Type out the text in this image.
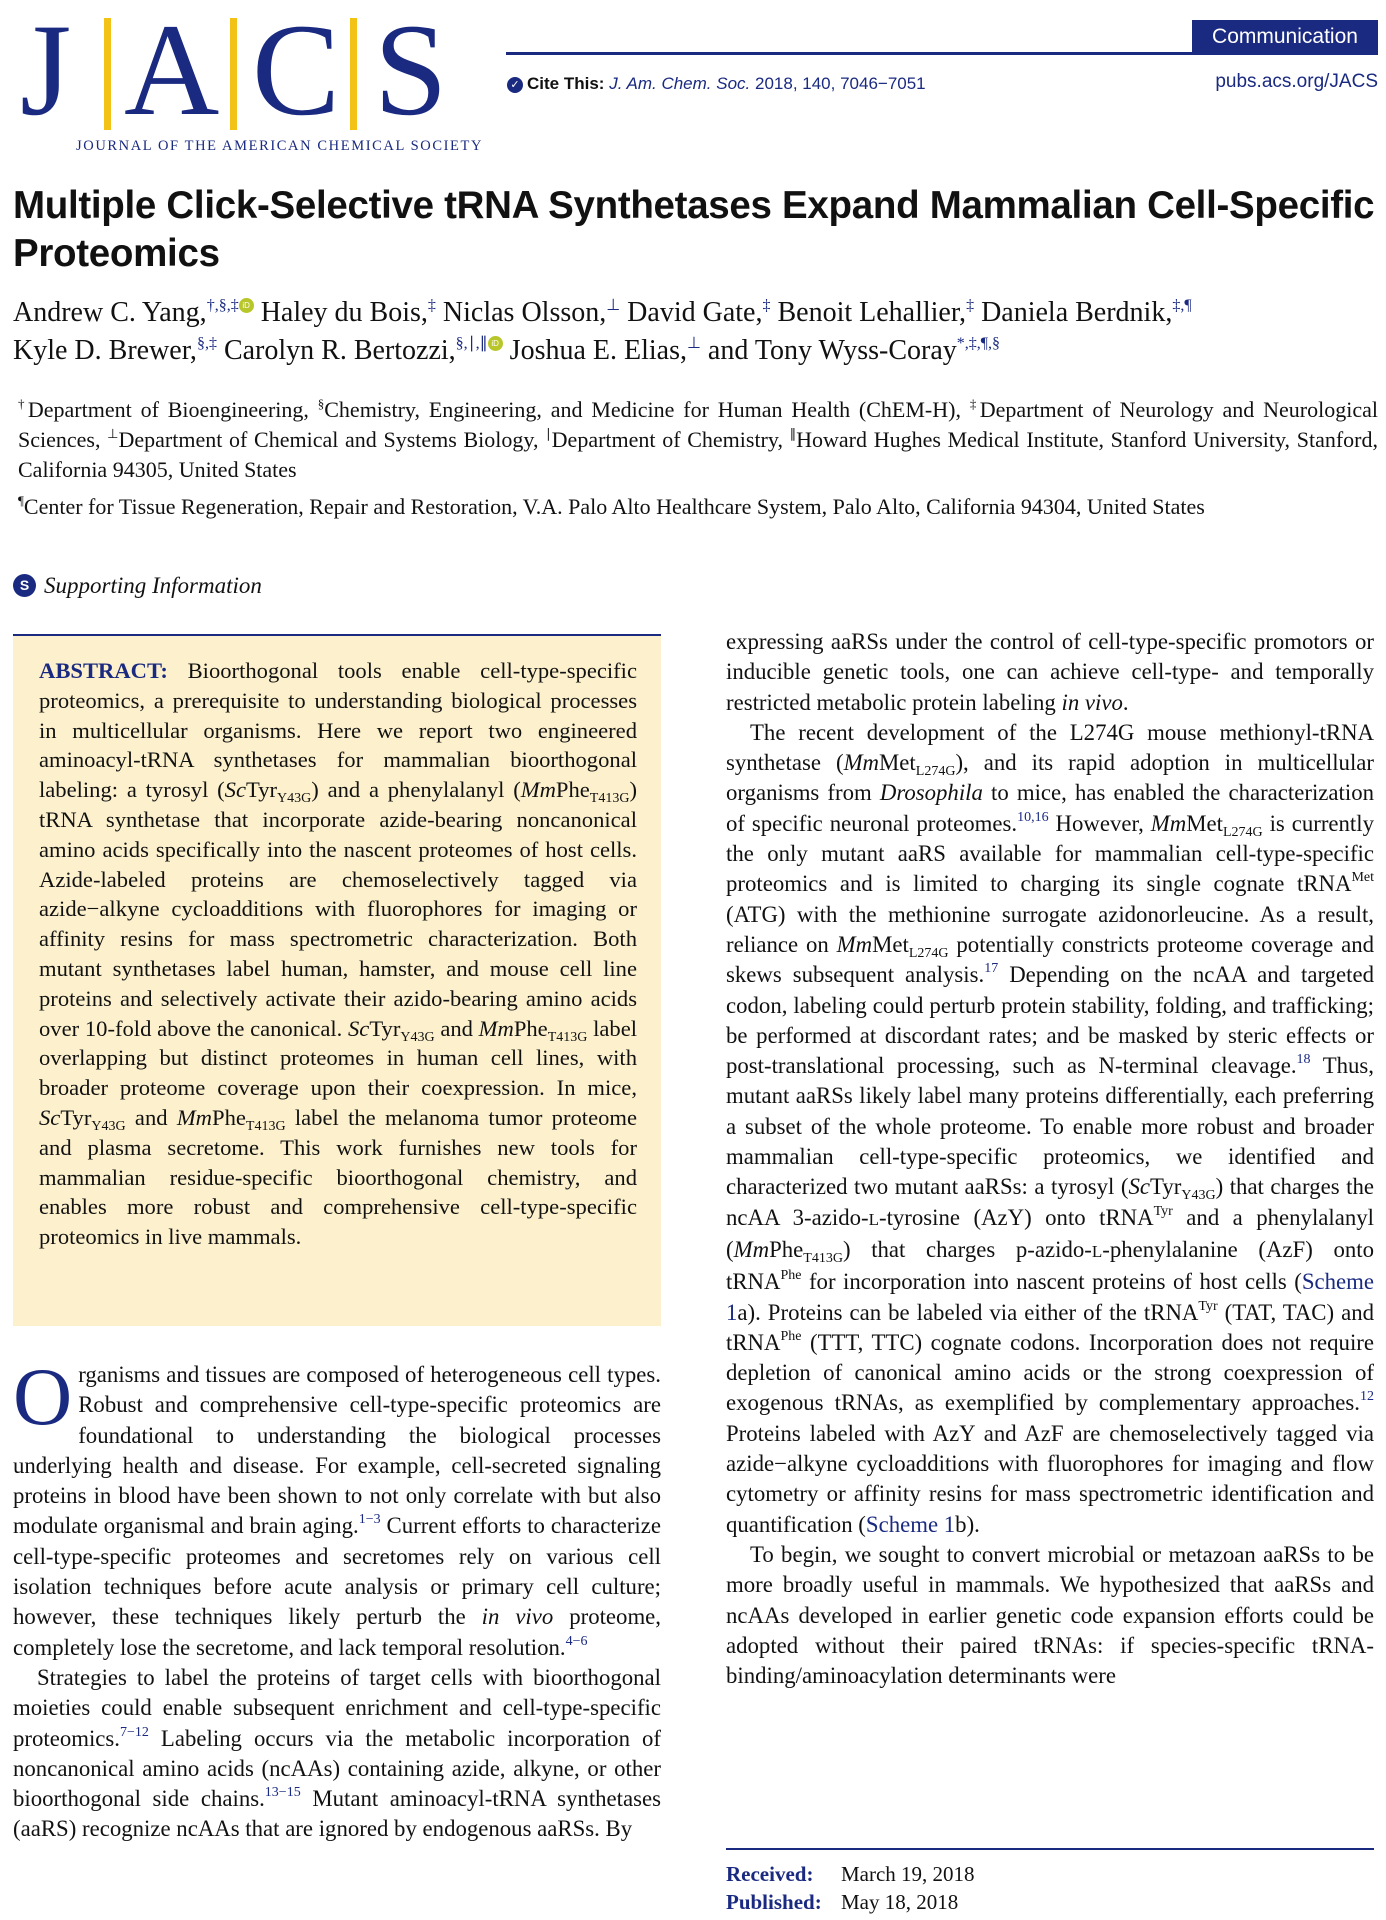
J A C S
JOURNAL OF THE AMERICAN CHEMICAL SOCIETY
Communication
✓ Cite This: J. Am. Chem. Soc. 2018, 140, 7046−7051	pubs.acs.org/JACS
Multiple Click-Selective tRNA Synthetases Expand Mammalian Cell-Specific Proteomics
Andrew C. Yang,†,§,‡ iD Haley du Bois,‡ Niclas Olsson,⊥ David Gate,‡ Benoit Lehallier,‡ Daniela Berdnik,‡,¶
Kyle D. Brewer,§,‡ Carolyn R. Bertozzi,§,∣,∥ iD Joshua E. Elias,⊥ and Tony Wyss-Coray*,‡,¶,§
†Department of Bioengineering, §Chemistry, Engineering, and Medicine for Human Health (ChEM-H), ‡Department of Neurology and Neurological Sciences, ⊥Department of Chemical and Systems Biology, ∣Department of Chemistry, ∥Howard Hughes Medical Institute, Stanford University, Stanford, California 94305, United States
¶Center for Tissue Regeneration, Repair and Restoration, V.A. Palo Alto Healthcare System, Palo Alto, California 94304, United States
S Supporting Information

ABSTRACT: Bioorthogonal tools enable cell-type-specific proteomics, a prerequisite to understanding biological processes in multicellular organisms. Here we report two engineered aminoacyl-tRNA synthetases for mammalian bioorthogonal labeling: a tyrosyl (ScTyr$_{Y43G}$) and a phenylalanyl (MmPhe$_{T413G}$) tRNA synthetase that incorporate azide-bearing noncanonical amino acids specifically into the nascent proteomes of host cells. Azide-labeled proteins are chemoselectively tagged via azide−alkyne cycloadditions with fluorophores for imaging or affinity resins for mass spectrometric characterization. Both mutant synthetases label human, hamster, and mouse cell line proteins and selectively activate their azido-bearing amino acids over 10-fold above the canonical. ScTyr$_{Y43G}$ and MmPhe$_{T413G}$ label overlapping but distinct proteomes in human cell lines, with broader proteome coverage upon their coexpression. In mice, ScTyr$_{Y43G}$ and MmPhe$_{T413G}$ label the melanoma tumor proteome and plasma secretome. This work furnishes new tools for mammalian residue-specific bioorthogonal chemistry, and enables more robust and comprehensive cell-type-specific proteomics in live mammals.

Organisms and tissues are composed of heterogeneous cell types. Robust and comprehensive cell-type-specific proteomics are foundational to understanding the biological processes underlying health and disease. For example, cell-secreted signaling proteins in blood have been shown to not only correlate with but also modulate organismal and brain aging.$^{1-3}$ Current efforts to characterize cell-type-specific proteomes and secretomes rely on various cell isolation techniques before acute analysis or primary cell culture; however, these techniques likely perturb the in vivo proteome, completely lose the secretome, and lack temporal resolution.$^{4-6}$

Strategies to label the proteins of target cells with bioorthogonal moieties could enable subsequent enrichment and cell-type-specific proteomics.$^{7-12}$ Labeling occurs via the metabolic incorporation of noncanonical amino acids (ncAAs) containing azide, alkyne, or other bioorthogonal side chains.$^{13-15}$ Mutant aminoacyl-tRNA synthetases (aaRS) recognize ncAAs that are ignored by endogenous aaRSs. By

expressing aaRSs under the control of cell-type-specific promotors or inducible genetic tools, one can achieve cell-type- and temporally restricted metabolic protein labeling in vivo.

The recent development of the L274G mouse methionyl-tRNA synthetase (MmMet$_{L274G}$), and its rapid adoption in multicellular organisms from Drosophila to mice, has enabled the characterization of specific neuronal proteomes.$^{10,16}$ However, MmMet$_{L274G}$ is currently the only mutant aaRS available for mammalian cell-type-specific proteomics and is limited to charging its single cognate tRNA$^{Met}$ (ATG) with the methionine surrogate azidonorleucine. As a result, reliance on MmMet$_{L274G}$ potentially constricts proteome coverage and skews subsequent analysis.$^{17}$ Depending on the ncAA and targeted codon, labeling could perturb protein stability, folding, and trafficking; be performed at discordant rates; and be masked by steric effects or post-translational processing, such as N-terminal cleavage.$^{18}$ Thus, mutant aaRSs likely label many proteins differentially, each preferring a subset of the whole proteome. To enable more robust and broader mammalian cell-type-specific proteomics, we identified and characterized two mutant aaRSs: a tyrosyl (ScTyr$_{Y43G}$) that charges the ncAA 3-azido-L-tyrosine (AzY) onto tRNA$^{Tyr}$ and a phenylalanyl (MmPhe$_{T413G}$) that charges p-azido-L-phenylalanine (AzF) onto tRNA$^{Phe}$ for incorporation into nascent proteins of host cells (Scheme 1a). Proteins can be labeled via either of the tRNA$^{Tyr}$ (TAT, TAC) and tRNA$^{Phe}$ (TTT, TTC) cognate codons. Incorporation does not require depletion of canonical amino acids or the strong coexpression of exogenous tRNAs, as exemplified by complementary approaches.$^{12}$ Proteins labeled with AzY and AzF are chemoselectively tagged via azide−alkyne cycloadditions with fluorophores for imaging and flow cytometry or affinity resins for mass spectrometric identification and quantification (Scheme 1b).

To begin, we sought to convert microbial or metazoan aaRSs to be more broadly useful in mammals. We hypothesized that aaRSs and ncAAs developed in earlier genetic code expansion efforts could be adopted without their paired tRNAs: if species-specific tRNA-binding/aminoacylation determinants were

Received: March 19, 2018
Published: May 18, 2018
